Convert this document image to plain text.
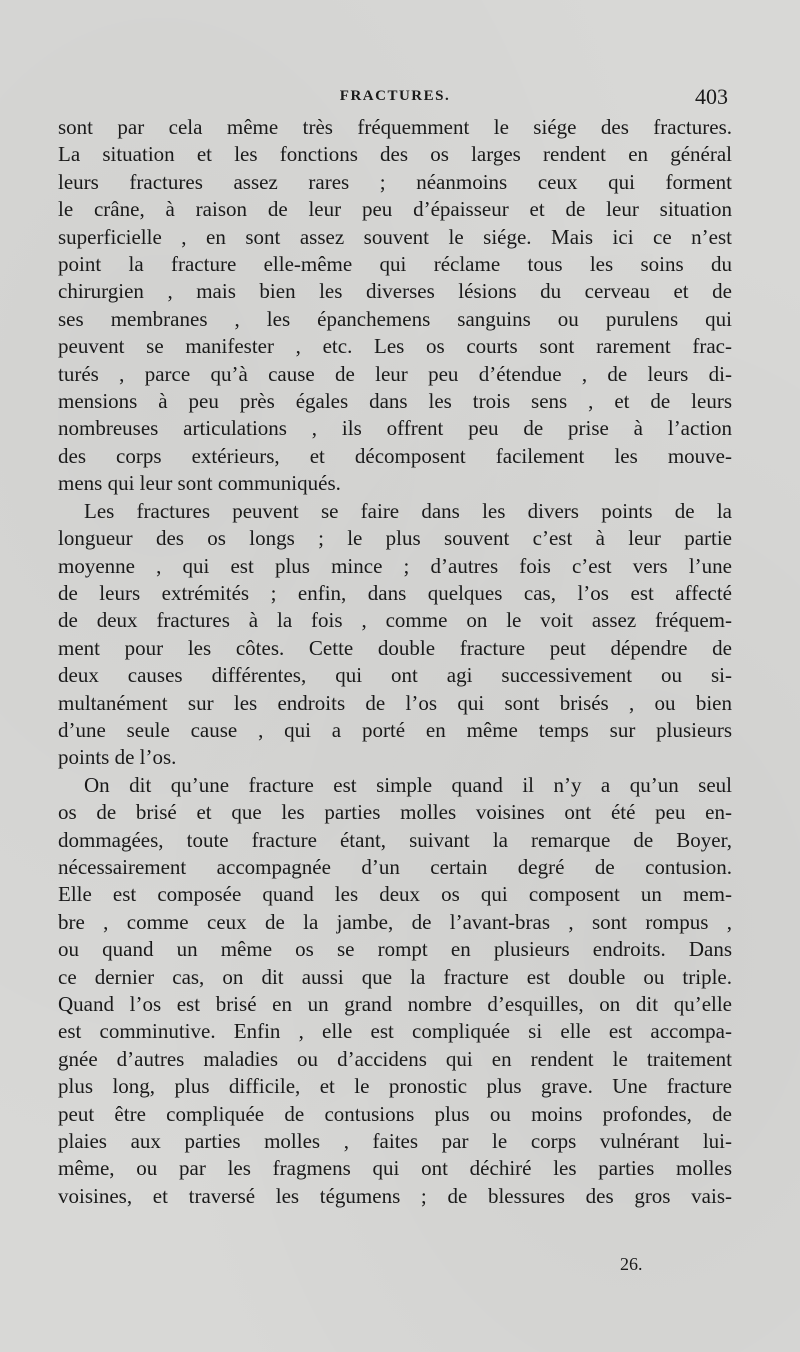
FRACTURES.	403
sont par cela même très fréquemment le siége des fractures.
La situation et les fonctions des os larges rendent en général
leurs fractures assez rares ; néanmoins ceux qui forment
le crâne, à raison de leur peu d’épaisseur et de leur situation
superficielle , en sont assez souvent le siége. Mais ici ce n’est
point la fracture elle-même qui réclame tous les soins du
chirurgien , mais bien les diverses lésions du cerveau et de
ses membranes , les épanchemens sanguins ou purulens qui
peuvent se manifester , etc. Les os courts sont rarement frac-
turés , parce qu’à cause de leur peu d’étendue , de leurs di-
mensions à peu près égales dans les trois sens , et de leurs
nombreuses articulations , ils offrent peu de prise à l’action
des corps extérieurs, et décomposent facilement les mouve-
mens qui leur sont communiqués.
Les fractures peuvent se faire dans les divers points de la
longueur des os longs ; le plus souvent c’est à leur partie
moyenne , qui est plus mince ; d’autres fois c’est vers l’une
de leurs extrémités ; enfin, dans quelques cas, l’os est affecté
de deux fractures à la fois , comme on le voit assez fréquem-
ment pour les côtes. Cette double fracture peut dépendre de
deux causes différentes, qui ont agi successivement ou si-
multanément sur les endroits de l’os qui sont brisés , ou bien
d’une seule cause , qui a porté en même temps sur plusieurs
points de l’os.
On dit qu’une fracture est simple quand il n’y a qu’un seul
os de brisé et que les parties molles voisines ont été peu en-
dommagées, toute fracture étant, suivant la remarque de Boyer,
nécessairement accompagnée d’un certain degré de contusion.
Elle est composée quand les deux os qui composent un mem-
bre , comme ceux de la jambe, de l’avant-bras , sont rompus ,
ou quand un même os se rompt en plusieurs endroits. Dans
ce dernier cas, on dit aussi que la fracture est double ou triple.
Quand l’os est brisé en un grand nombre d’esquilles, on dit qu’elle
est comminutive. Enfin , elle est compliquée si elle est accompa-
gnée d’autres maladies ou d’accidens qui en rendent le traitement
plus long, plus difficile, et le pronostic plus grave. Une fracture
peut être compliquée de contusions plus ou moins profondes, de
plaies aux parties molles , faites par le corps vulnérant lui-
même, ou par les fragmens qui ont déchiré les parties molles
voisines, et traversé les tégumens ; de blessures des gros vais-
26.
